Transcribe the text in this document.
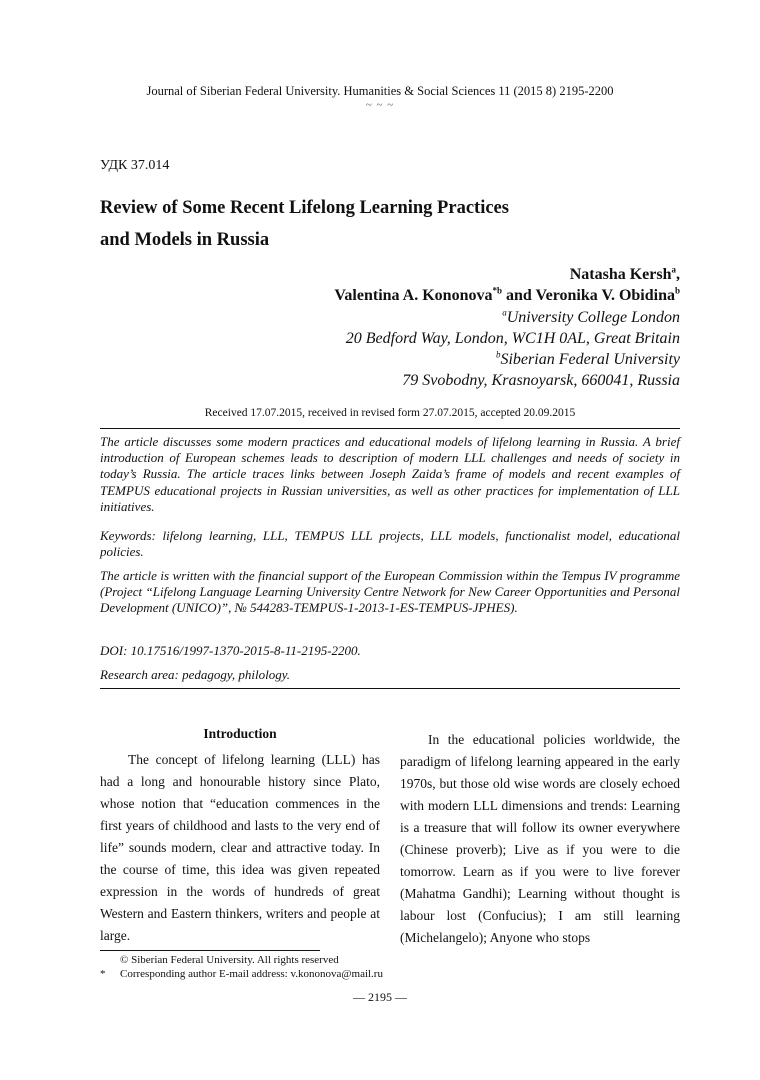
Journal of Siberian Federal University. Humanities & Social Sciences 11 (2015 8) 2195-2200
~ ~ ~
УДК 37.014
Review of Some Recent Lifelong Learning Practices
and Models in Russia
Natasha Kersh$^a$,
Valentina A. Kononova$^{*b}$ and Veronika V. Obidina$^b$
$^a$University College London
20 Bedford Way, London, WC1H 0AL, Great Britain
$^b$Siberian Federal University
79 Svobodny, Krasnoyarsk, 660041, Russia
Received 17.07.2015, received in revised form 27.07.2015, accepted 20.09.2015
The article discusses some modern practices and educational models of lifelong learning in Russia. A brief introduction of European schemes leads to description of modern LLL challenges and needs of society in today’s Russia. The article traces links between Joseph Zaida’s frame of models and recent examples of TEMPUS educational projects in Russian universities, as well as other practices for implementation of LLL initiatives.
Keywords: lifelong learning, LLL, TEMPUS LLL projects, LLL models, functionalist model, educational policies.
The article is written with the financial support of the European Commission within the Tempus IV programme (Project “Lifelong Language Learning University Centre Network for New Career Opportunities and Personal Development (UNICO)”, № 544283-TEMPUS-1-2013-1-ES-TEMPUS-JPHES).
DOI: 10.17516/1997-1370-2015-8-11-2195-2200.
Research area: pedagogy, philology.
Introduction

The concept of lifelong learning (LLL) has had a long and honourable history since Plato, whose notion that “education commences in the first years of childhood and lasts to the very end of life” sounds modern, clear and attractive today. In the course of time, this idea was given repeated expression in the words of hundreds of great Western and Eastern thinkers, writers and people at large.

In the educational policies worldwide, the paradigm of lifelong learning appeared in the early 1970s, but those old wise words are closely echoed with modern LLL dimensions and trends: Learning is a treasure that will follow its owner everywhere (Chinese proverb); Live as if you were to die tomorrow. Learn as if you were to live forever (Mahatma Gandhi); Learning without thought is labour lost (Confucius); I am still learning (Michelangelo); Anyone who stops

© Siberian Federal University. All rights reserved
* Corresponding author E-mail address: v.kononova@mail.ru
— 2195 —
